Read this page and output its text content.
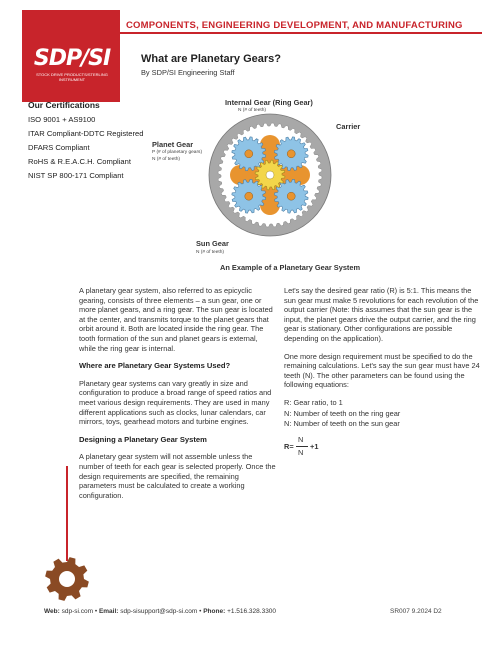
SDP/SI
STOCK DRIVE PRODUCTS/STERLING INSTRUMENT
COMPONENTS, ENGINEERING DEVELOPMENT, AND MANUFACTURING
What are Planetary Gears?
By SDP/SI Engineering Staff
Our Certifications
ISO 9001 + AS9100
ITAR Compliant-DDTC Registered
DFARS Compliant
RoHS & R.E.A.C.H. Compliant
NIST SP 800-171 Compliant
Internal Gear (Ring Gear)
N (# of teeth)
Carrier
Planet Gear
P (# of planetary gears)
N (# of teeth)
Sun Gear
N (# of teeth)
An Example of a Planetary Gear System

A planetary gear system, also referred to as epicyclic gearing, consists of three elements – a sun gear, one or more planet gears, and a ring gear. The sun gear is located at the center, and transmits torque to the planet gears that orbit around it. Both are located inside the ring gear. The tooth formation of the sun and planet gears is external, while the ring gear is internal.

Where are Planetary Gear Systems Used?

Planetary gear systems can vary greatly in size and configuration to produce a broad range of speed ratios and meet various design requirements. They are used in many different applications such as clocks, lunar calendars, car mirrors, toys, gearhead motors and turbine engines.

Designing a Planetary Gear System

A planetary gear system will not assemble unless the number of teeth for each gear is selected properly. Once the design requirements are specified, the remaining parameters must be calculated to create a working configuration.

Let's say the desired gear ratio (R) is 5:1. This means the sun gear must make 5 revolutions for each revolution of the output carrier (Note: this assumes that the sun gear is the input, the planet gears drive the output carrier, and the ring gear is stationary. Other configurations are possible depending on the application).

One more design requirement must be specified to do the remaining calculations. Let's say the sun gear must have 24 teeth (N). The other parameters can be found using the following equations:

R: Gear ratio, to 1
N: Number of teeth on the ring gear
N: Number of teeth on the sun gear
R=
N
N
+1
Web: sdp-si.com • Email: sdp-sisupport@sdp-si.com • Phone: +1.516.328.3300	SR007 9.2024 D2
